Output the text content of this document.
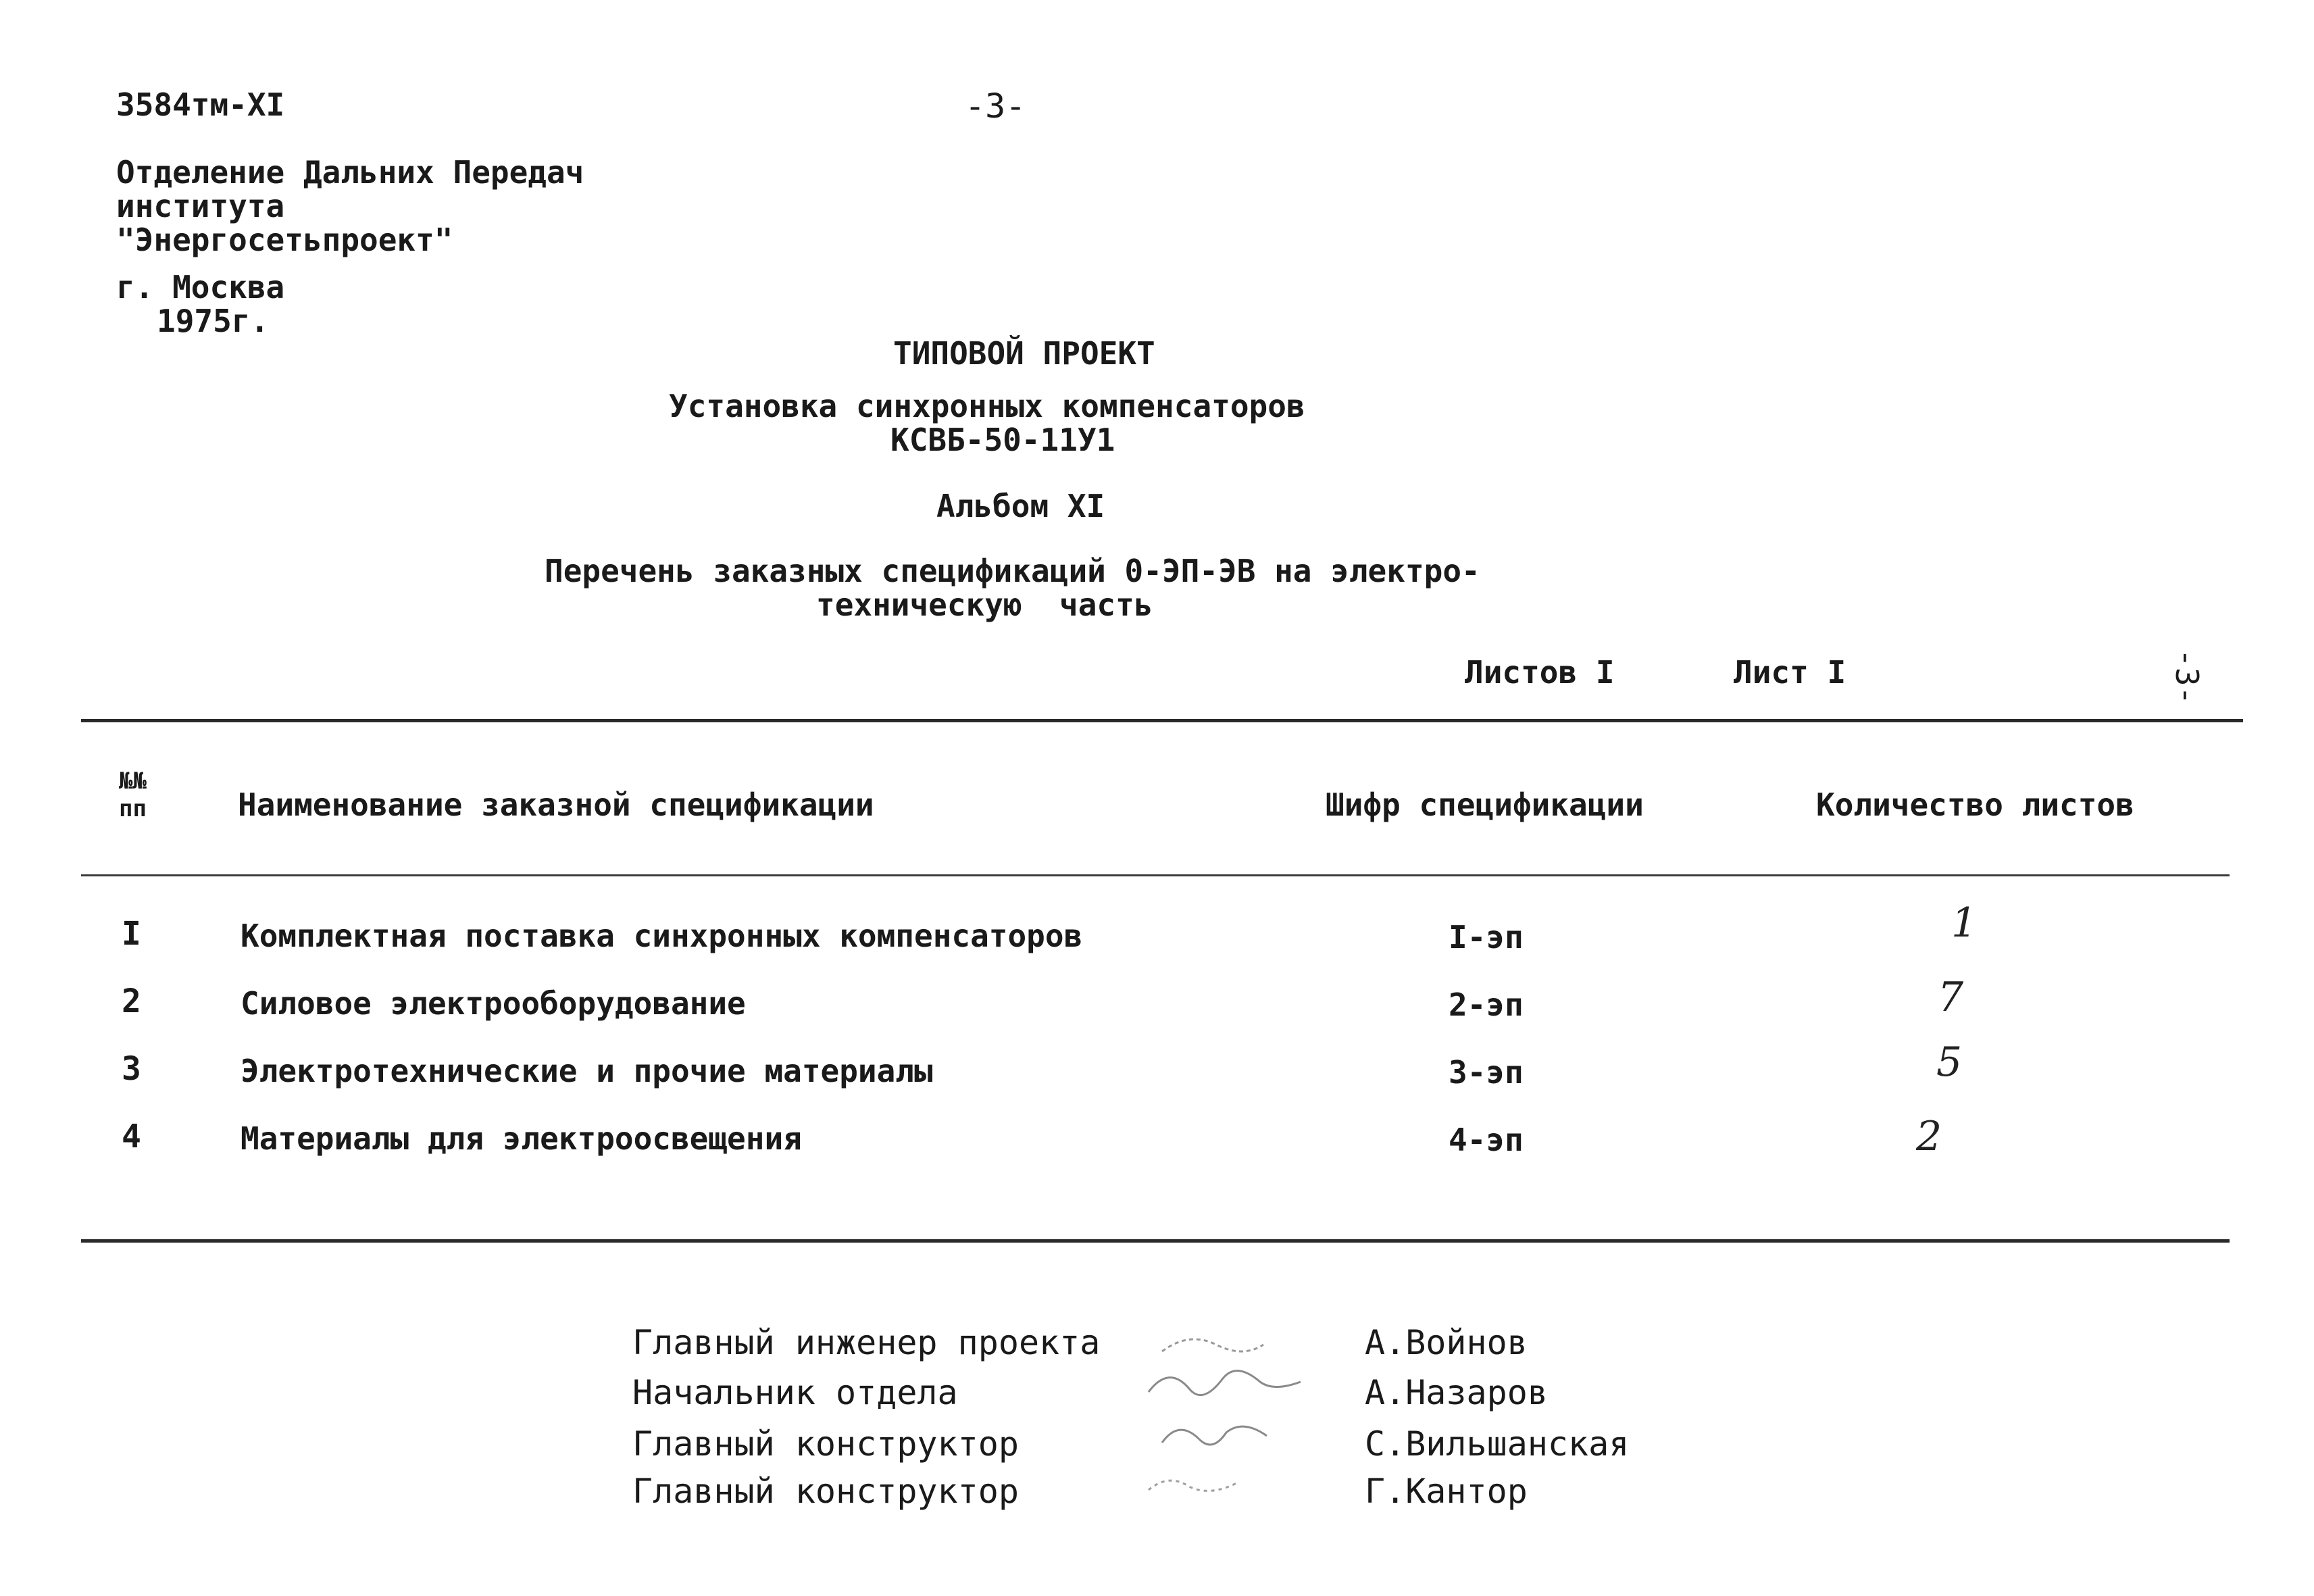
3584тм-XI	-3-
-3-
Отделение Дальних Передач
института
"Энергосетьпроект"
г. Москва
1975г.
ТИПОВОЙ ПРОЕКТ
Установка синхронных компенсаторов
КСВБ-50-11У1
Альбом XI
Перечень заказных спецификаций 0-ЭП-ЭВ на электро-
техническую  часть
Листов I	Лист I
№№ пп	Наименование заказной спецификации	Шифр спецификации	Количество листов
I	Комплектная поставка синхронных компенсаторов	I-эп	1
2	Силовое электрооборудование	2-эп	7
3	Электротехнические и прочие материалы	3-эп	5
4	Материалы для электроосвещения	4-эп	2
Главный инженер проекта
Начальник отдела
Главный конструктор
Главный конструктор
А.Войнов
А.Назаров
С.Вильшанская
Г.Кантор
